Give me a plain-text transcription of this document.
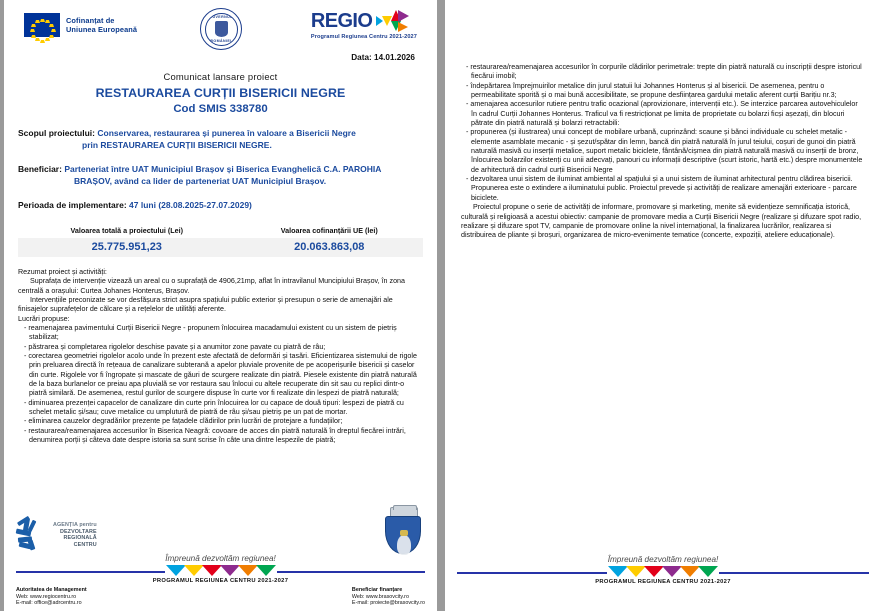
Cofinanțat de
Uniunea Europeană
GUVERNUL
ROMÂNIEI
REGIO
Programul Regiunea Centru 2021-2027
Data: 14.01.2026
Comunicat lansare proiect
RESTAURAREA CURȚII BISERICII NEGRE
Cod SMIS 338780
Scopul proiectului: Conservarea, restaurarea și punerea în valoare a Bisericii Negre
prin RESTAURAREA CURȚII BISERICII NEGRE.
Beneficiar: Parteneriat între UAT Municipiul Brașov și Biserica Evanghelică C.A. PAROHIA
BRAȘOV, având ca lider de parteneriat UAT Municipiul Brașov.
Perioada de implementare: 47 luni (28.08.2025-27.07.2029)
Valoarea totală a proiectului (Lei)	Valoarea cofinanțării UE (lei)
25.775.951,23	20.063.863,08

Rezumat proiect și activități:

Suprafața de intervenție vizează un areal cu o suprafață de 4906,21mp, aflat în intravilanul Muncipiului Brașov, în zona centrală a orașului: Curtea Johanes Honterus, Brașov.

Intervențiile preconizate se vor desfășura strict asupra spațiului public exterior și presupun o serie de amenajări ale finisajelor suprafețelor de călcare și a rețelelor de utilități aferente.

Lucrări propuse:

- reamenajarea pavimentului Curții Bisericii Negre - propunem înlocuirea macadamului existent cu un sistem de pietriș stabilizat;
- păstrarea și completarea rigolelor deschise pavate și a anumitor zone pavate cu piatră de râu;
- corectarea geometriei rigolelor acolo unde în prezent este afectată de deformări și tasări. Eficientizarea sistemului de rigole prin preluarea directă în rețeaua de canalizare subterană a apelor pluviale provenite de pe acoperișurile bisericii și caselor din curte. Rigolele vor fi îngropate și mascate de găuri de scurgere realizate din piatră. Piesele existente din piatră naturală de la baza burlanelor ce preiau apa pluvială se vor restaura sau înlocui cu altele recuperate din sit sau cu replici dintr-o piatră similară. De asemenea, restul gurilor de scurgere dispuse în curte vor fi realizate din lespezi de piatră naturală;
- diminuarea prezenței capacelor de canalizare din curte prin înlocuirea lor cu capace de două tipuri: lespezi de piatră cu schelet metalic și/sau; cuve metalice cu umplutură de piatră de râu și/sau pietriș pe un pat de mortar.
- eliminarea cauzelor degradărilor prezente pe fațadele clădirilor prin lucrări de protejare a fundațiilor;
- restaurarea/reamenajarea accesurilor în Biserica Neagră: covoare de acces din piatră naturală în dreptul fiecărei intrări, denumirea porții și câteva date despre istoria sa sunt scrise în câte una dintre lespezile de piatră;
AGENȚIA pentru
DEZVOLTARE
REGIONALĂ
CENTRU
Împreună dezvoltăm regiunea!
PROGRAMUL REGIUNEA CENTRU 2021-2027
Autoritatea de Management
Web: www.regiocentru.ro
E-mail: office@adrcentru.ro
Beneficiar finanțare
Web: www.brasovcity.ro
E-mail: proiecte@brasovcity.ro
- restaurarea/reamenajarea accesurilor în corpurile clădirilor perimetrale: trepte din piatră naturală cu inscripții despre istoricul fiecărui imobil;
- îndepărtarea împrejmuirilor metalice din jurul statuii lui Johannes Honterus și al bisericii. De asemenea, pentru o permeabilitate sporită și o mai bună accesibilitate, se propune desființarea gardului metalic aferent curții Barițiu nr.3;
- amenajarea accesurilor rutiere pentru trafic ocazional (aprovizionare, intervenții etc.). Se interzice parcarea autovehiculelor în cadrul Curții Johannes Honterus. Traficul va fi restricționat pe limita de proprietate cu bolarzi ficși așezați, din blocuri pătrate din piatră naturală și bolarzi retractabili:
- propunerea (și ilustrarea) unui concept de mobilare urbană, cuprinzând: scaune și bănci individuale cu schelet metalic - elemente asamblate mecanic - și șezut/spătar din lemn, bancă din piatră naturală în jurul teiului, coșuri de gunoi din piatră naturală masivă cu inserții metalice, suport metalic biciclete, fântână/cișmea din piatră naturală masivă cu inserții de bronz, înlocuirea bolarzilor existenți cu unii adecvați, panouri cu informații descriptive (scurt istoric, hartă etc.) despre monumentele de arhitectură din cadrul curții Bisericii Negre
- dezvoltarea unui sistem de iluminat ambiental al spațiului și a unui sistem de iluminat arhitectural pentru clădirea bisericii. Propunerea este o extindere a iluminatului public. Proiectul prevede și activități de realizare amenajări exterioare - parcare biciclete.

Proiectul propune o serie de activități de informare, promovare și marketing, menite să evidențieze semnificația istorică, culturală și religioasă a acestui obiectiv: campanie de promovare media a Curții Bisericii Negre (realizare și difuzare spot radio, realizare și difuzare spot TV, campanie de promovare online la nivel internațional, la finalizarea lucrărilor, realizarea si distribuirea de pliante și broșuri, organizarea de micro-evenimente tematice (concerte, expoziții, ateliere educaționale).

Împreună dezvoltăm regiunea!
PROGRAMUL REGIUNEA CENTRU 2021-2027
